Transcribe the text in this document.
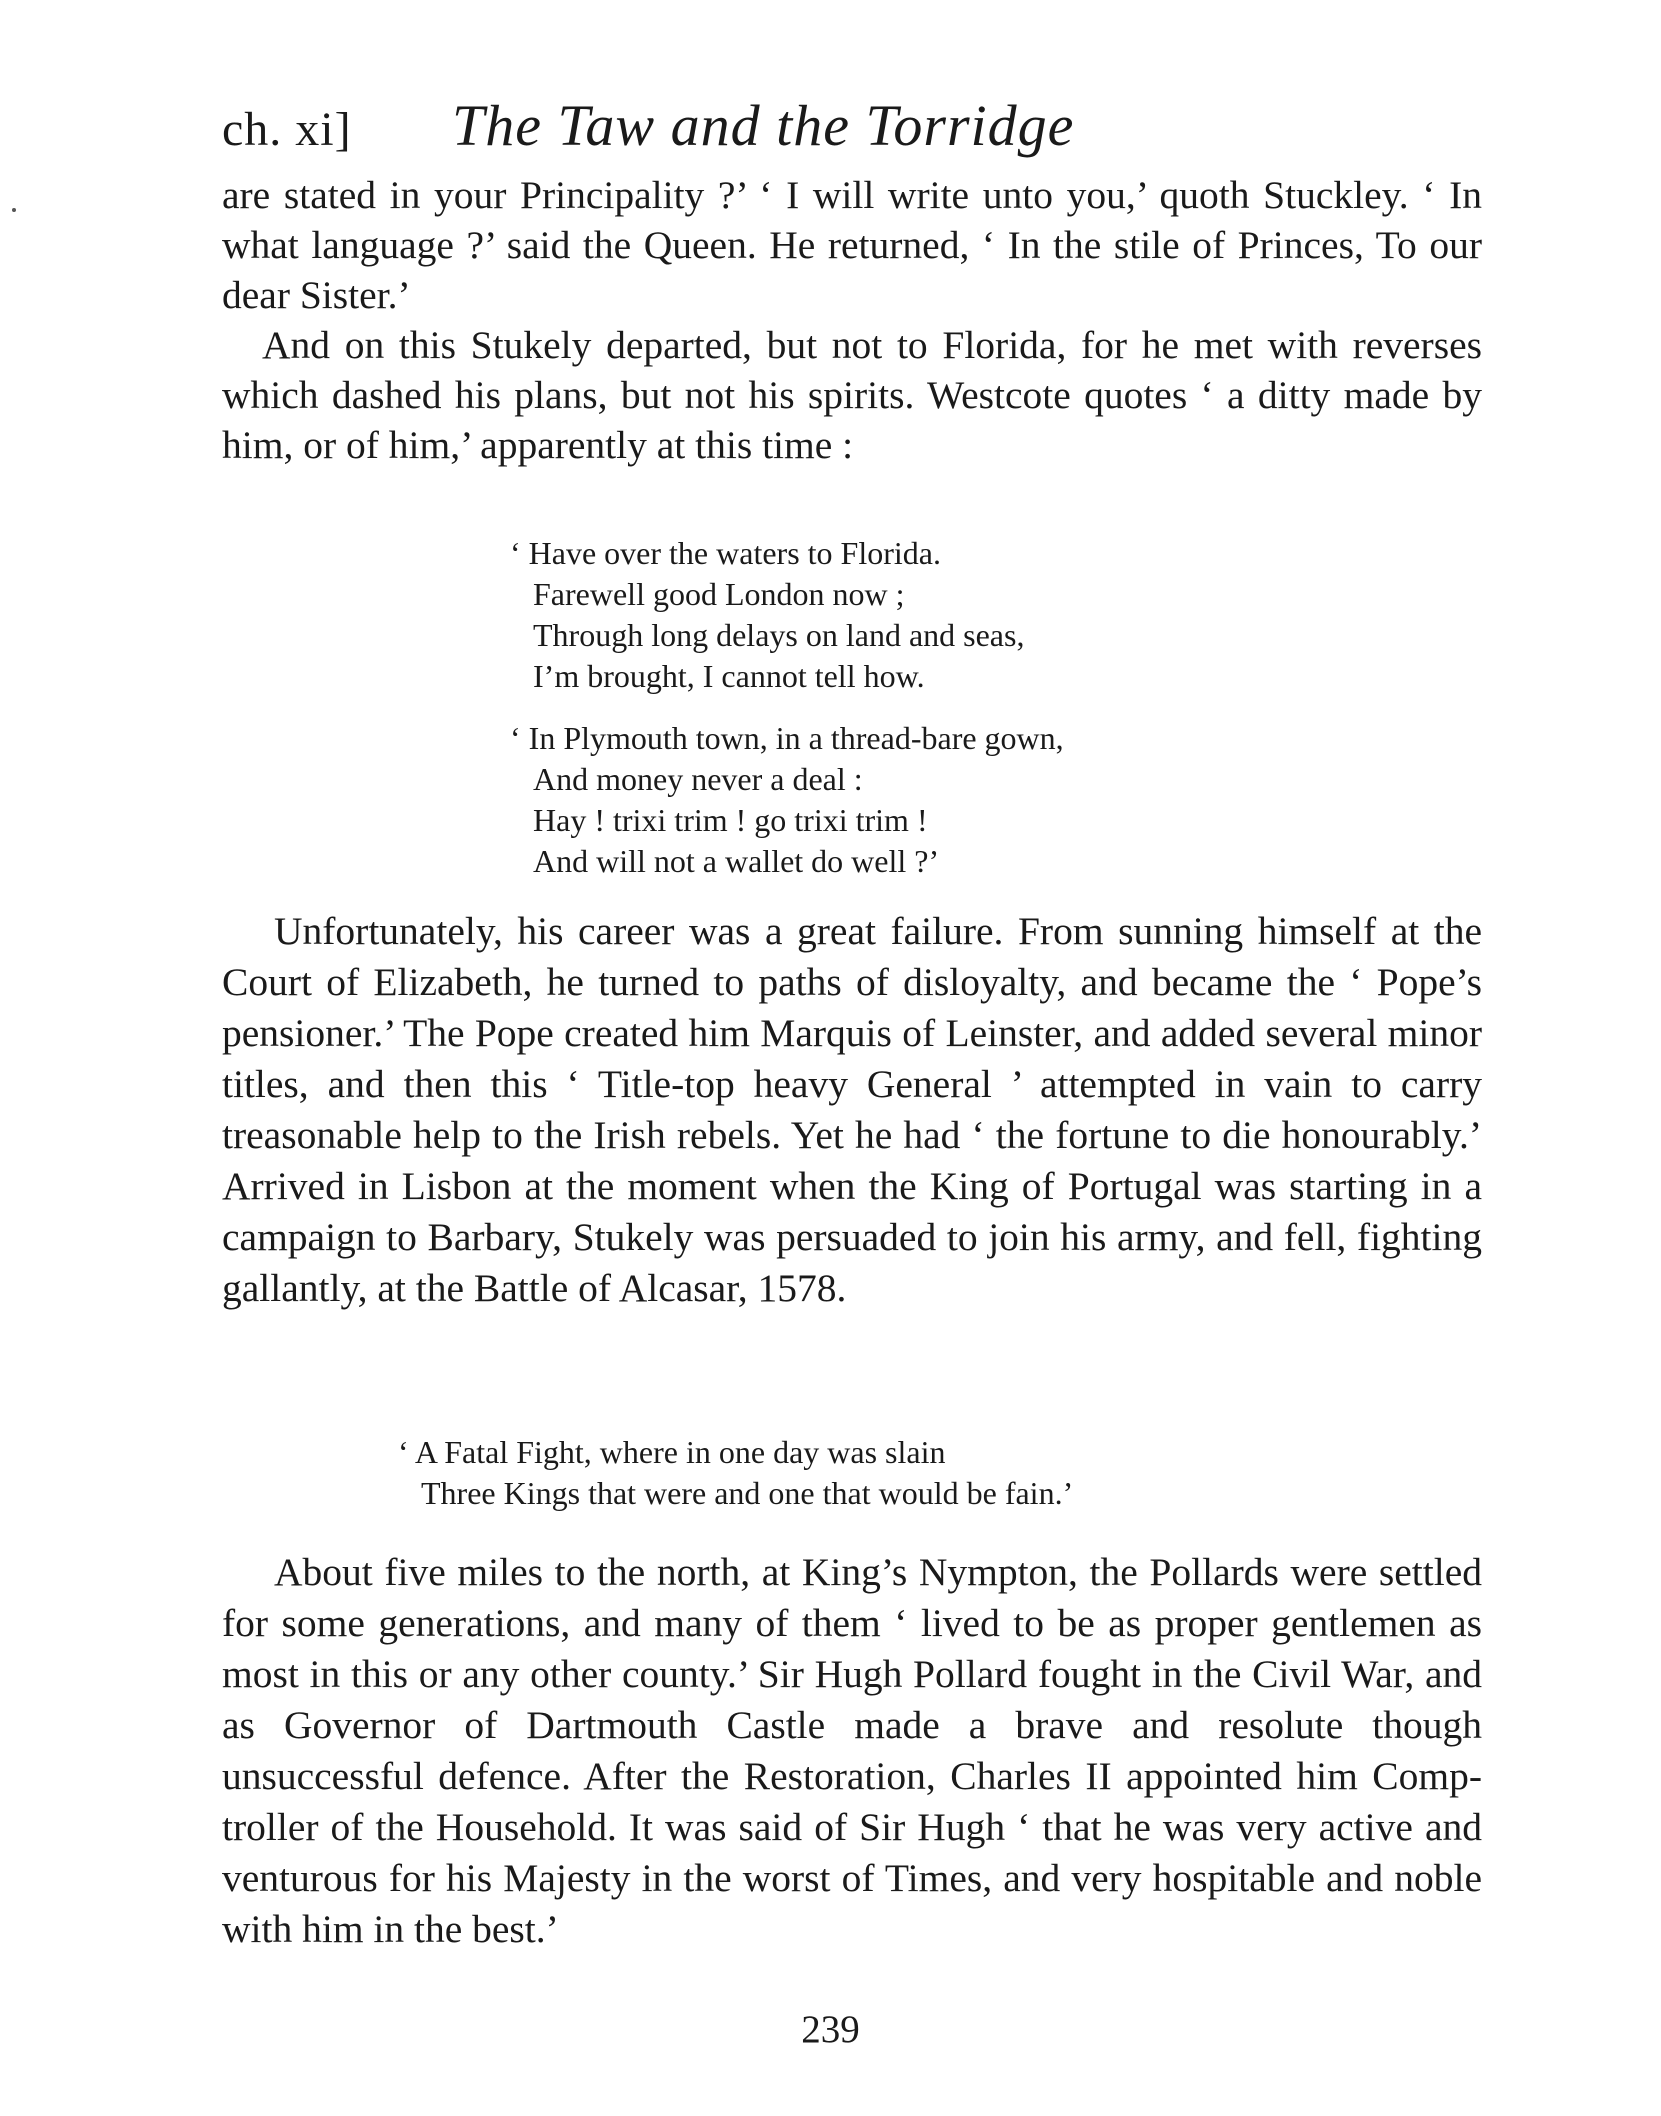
ch. xi] The Taw and the Torridge

are stated in your Principality ?’ ‘ I will write unto you,’ quoth Stuckley. ‘ In what language ?’ said the Queen. He returned, ‘ In the stile of Princes, To our dear Sister.’

And on this Stukely departed, but not to Florida, for he met with reverses which dashed his plans, but not his spirits. Westcote quotes ‘ a ditty made by him, or of him,’ apparently at this time :

‘ Have over the waters to Florida.
Farewell good London now ;
Through long delays on land and seas,
I’m brought, I cannot tell how.
‘ In Plymouth town, in a thread-bare gown,
And money never a deal :
Hay ! trixi trim ! go trixi trim !
And will not a wallet do well ?’

Unfortunately, his career was a great failure. From sunning himself at the Court of Elizabeth, he turned to paths of disloyalty, and became the ‘ Pope’s pensioner.’ The Pope created him Marquis of Leinster, and added several minor titles, and then this ‘ Title-top heavy General ’ attempted in vain to carry treasonable help to the Irish rebels. Yet he had ‘ the fortune to die honourably.’ Arrived in Lisbon at the moment when the King of Portugal was starting in a campaign to Barbary, Stukely was persuaded to join his army, and fell, fighting gallantly, at the Battle of Alcasar, 1578.

‘ A Fatal Fight, where in one day was slain
Three Kings that were and one that would be fain.’

About five miles to the north, at King’s Nympton, the Pollards were settled for some generations, and many of them ‘ lived to be as proper gentlemen as most in this or any other county.’ Sir Hugh Pollard fought in the Civil War, and as Governor of Dartmouth Castle made a brave and resolute though unsuccessful defence. After the Restoration, Charles II appointed him Comptroller of the Household. It was said of Sir Hugh ‘ that he was very active and venturous for his Majesty in the worst of Times, and very hospitable and noble with him in the best.’

239
